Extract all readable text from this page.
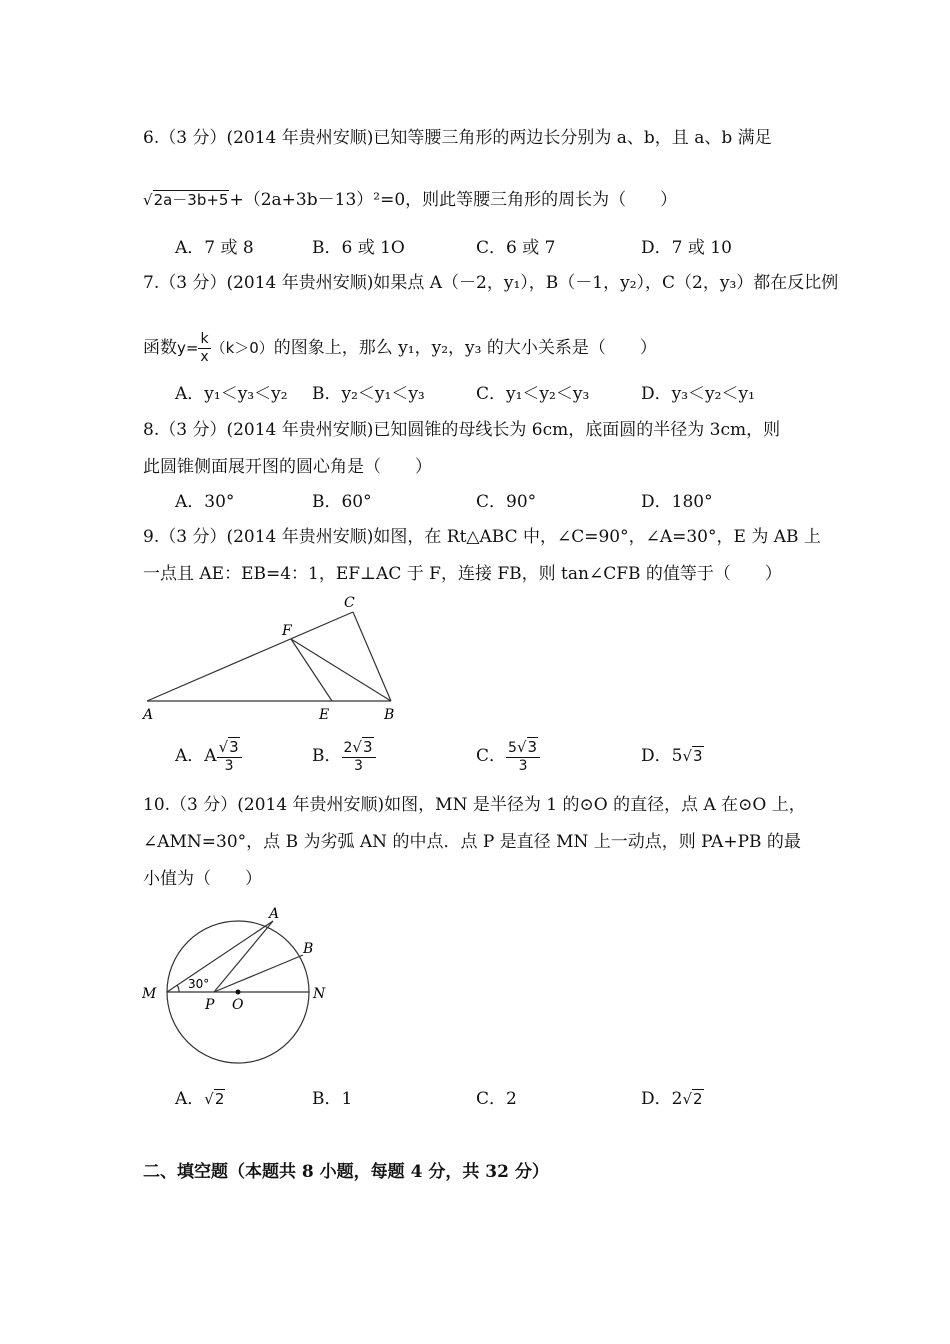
6.（3 分）(2014 年贵州安顺)已知等腰三角形的两边长分别为 a、b，且 a、b 满足
√2a－3b+5+（2a+3b－13）²=0，则此等腰三角形的周长为（　　）
A．7 或 8	B．6 或 1O	C．6 或 7	D．7 或 10
7.（3 分）(2014 年贵州安顺)如果点 A（－2，y₁），B（－1，y₂），C（2，y₃）都在反比例
函数$y= \frac{k}{x} (k>0)$的图象上，那么 y₁，y₂，y₃ 的大小关系是（　　）
A．y₁＜y₃＜y₂ B．y₂＜y₁＜y₃	C．y₁＜y₂＜y₃	D．y₃＜y₂＜y₁
8.（3 分）(2014 年贵州安顺)已知圆锥的母线长为 6cm，底面圆的半径为 3cm，则
此圆锥侧面展开图的圆心角是（　　）
A．30°	B．60°	C．90°	D．180°
9.（3 分）(2014 年贵州安顺)如图，在 Rt△ABC 中，∠C=90°，∠A=30°，E 为 AB 上
一点且 AE：EB=4：1，EF⊥AC 于 F，连接 FB，则 tan∠CFB 的值等于（　　）
A	E	B
C
F
A．A $\frac{√3}{3}$	B． $\frac{2√3}{3}$	C． $\frac{5√3}{3}$	D．5√3
10.（3 分）(2014 年贵州安顺)如图，MN 是半径为 1 的⊙O 的直径，点 A 在⊙O 上，
∠AMN=30°，点 B 为劣弧 AN 的中点．点 P 是直径 MN 上一动点，则 PA+PB 的最
小值为（　　）
A
B
M	N
P O
30°
A．√2	B．1	C．2	D．2√2
二、填空题（本题共 8 小题，每题 4 分，共 32 分）
